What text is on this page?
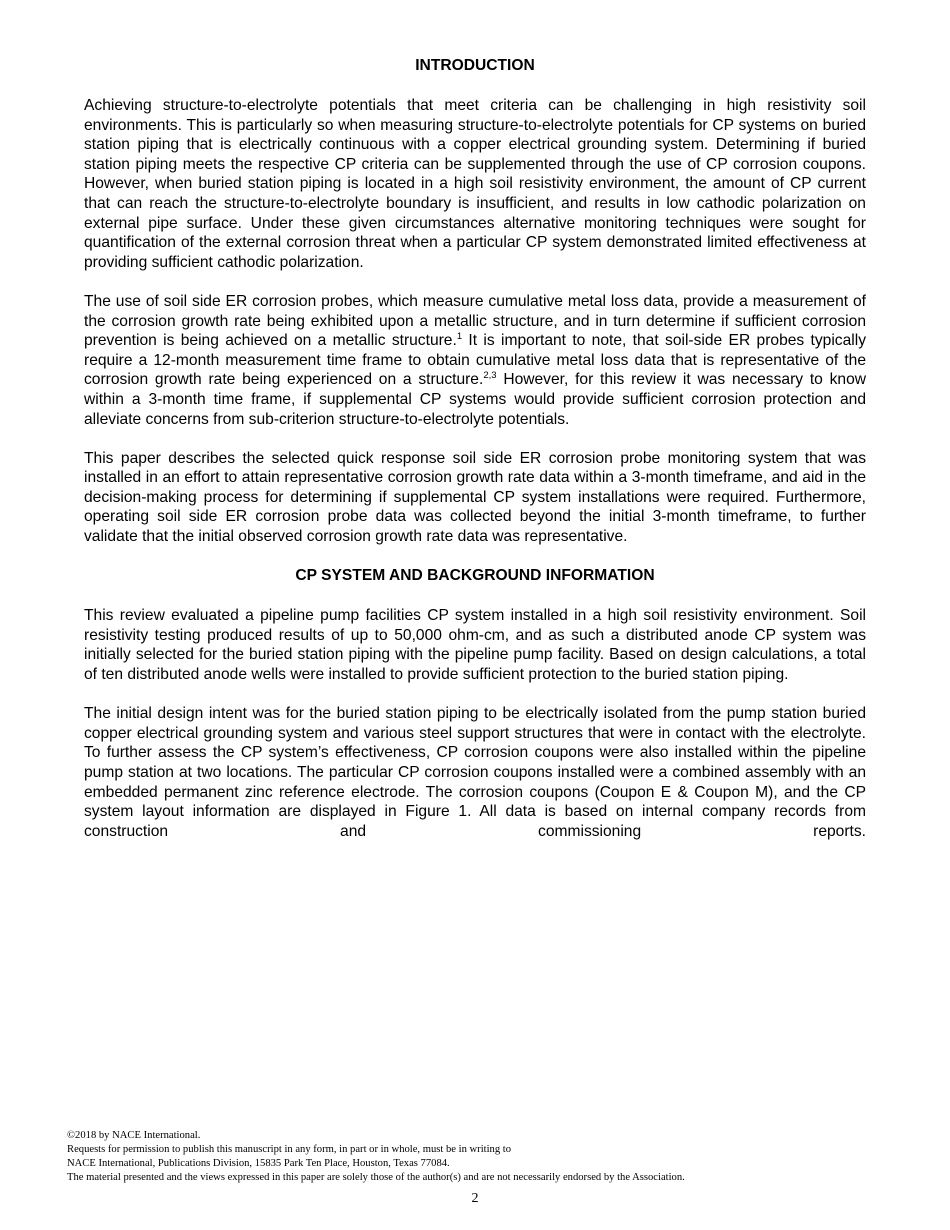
INTRODUCTION

Achieving structure-to-electrolyte potentials that meet criteria can be challenging in high resistivity soil environments. This is particularly so when measuring structure-to-electrolyte potentials for CP systems on buried station piping that is electrically continuous with a copper electrical grounding system. Determining if buried station piping meets the respective CP criteria can be supplemented through the use of CP corrosion coupons. However, when buried station piping is located in a high soil resistivity environment, the amount of CP current that can reach the structure-to-electrolyte boundary is insufficient, and results in low cathodic polarization on external pipe surface. Under these given circumstances alternative monitoring techniques were sought for quantification of the external corrosion threat when a particular CP system demonstrated limited effectiveness at providing sufficient cathodic polarization.

The use of soil side ER corrosion probes, which measure cumulative metal loss data, provide a measurement of the corrosion growth rate being exhibited upon a metallic structure, and in turn determine if sufficient corrosion prevention is being achieved on a metallic structure.$^1$ It is important to note, that soil-side ER probes typically require a 12-month measurement time frame to obtain cumulative metal loss data that is representative of the corrosion growth rate being experienced on a structure.$^{2,3}$ However, for this review it was necessary to know within a 3-month time frame, if supplemental CP systems would provide sufficient corrosion protection and alleviate concerns from sub-criterion structure-to-electrolyte potentials.

This paper describes the selected quick response soil side ER corrosion probe monitoring system that was installed in an effort to attain representative corrosion growth rate data within a 3-month timeframe, and aid in the decision-making process for determining if supplemental CP system installations were required. Furthermore, operating soil side ER corrosion probe data was collected beyond the initial 3-month timeframe, to further validate that the initial observed corrosion growth rate data was representative.

CP SYSTEM AND BACKGROUND INFORMATION

This review evaluated a pipeline pump facilities CP system installed in a high soil resistivity environment. Soil resistivity testing produced results of up to 50,000 ohm-cm, and as such a distributed anode CP system was initially selected for the buried station piping with the pipeline pump facility. Based on design calculations, a total of ten distributed anode wells were installed to provide sufficient protection to the buried station piping.

The initial design intent was for the buried station piping to be electrically isolated from the pump station buried copper electrical grounding system and various steel support structures that were in contact with the electrolyte. To further assess the CP system’s effectiveness, CP corrosion coupons were also installed within the pipeline pump station at two locations. The particular CP corrosion coupons installed were a combined assembly with an embedded permanent zinc reference electrode. The corrosion coupons (Coupon E & Coupon M), and the CP system layout information are displayed in Figure 1. All data is based on internal company records from construction and commissioning reports.

©2018 by NACE International.
Requests for permission to publish this manuscript in any form, in part or in whole, must be in writing to
NACE International, Publications Division, 15835 Park Ten Place, Houston, Texas 77084.
The material presented and the views expressed in this paper are solely those of the author(s) and are not necessarily endorsed by the Association.
2
